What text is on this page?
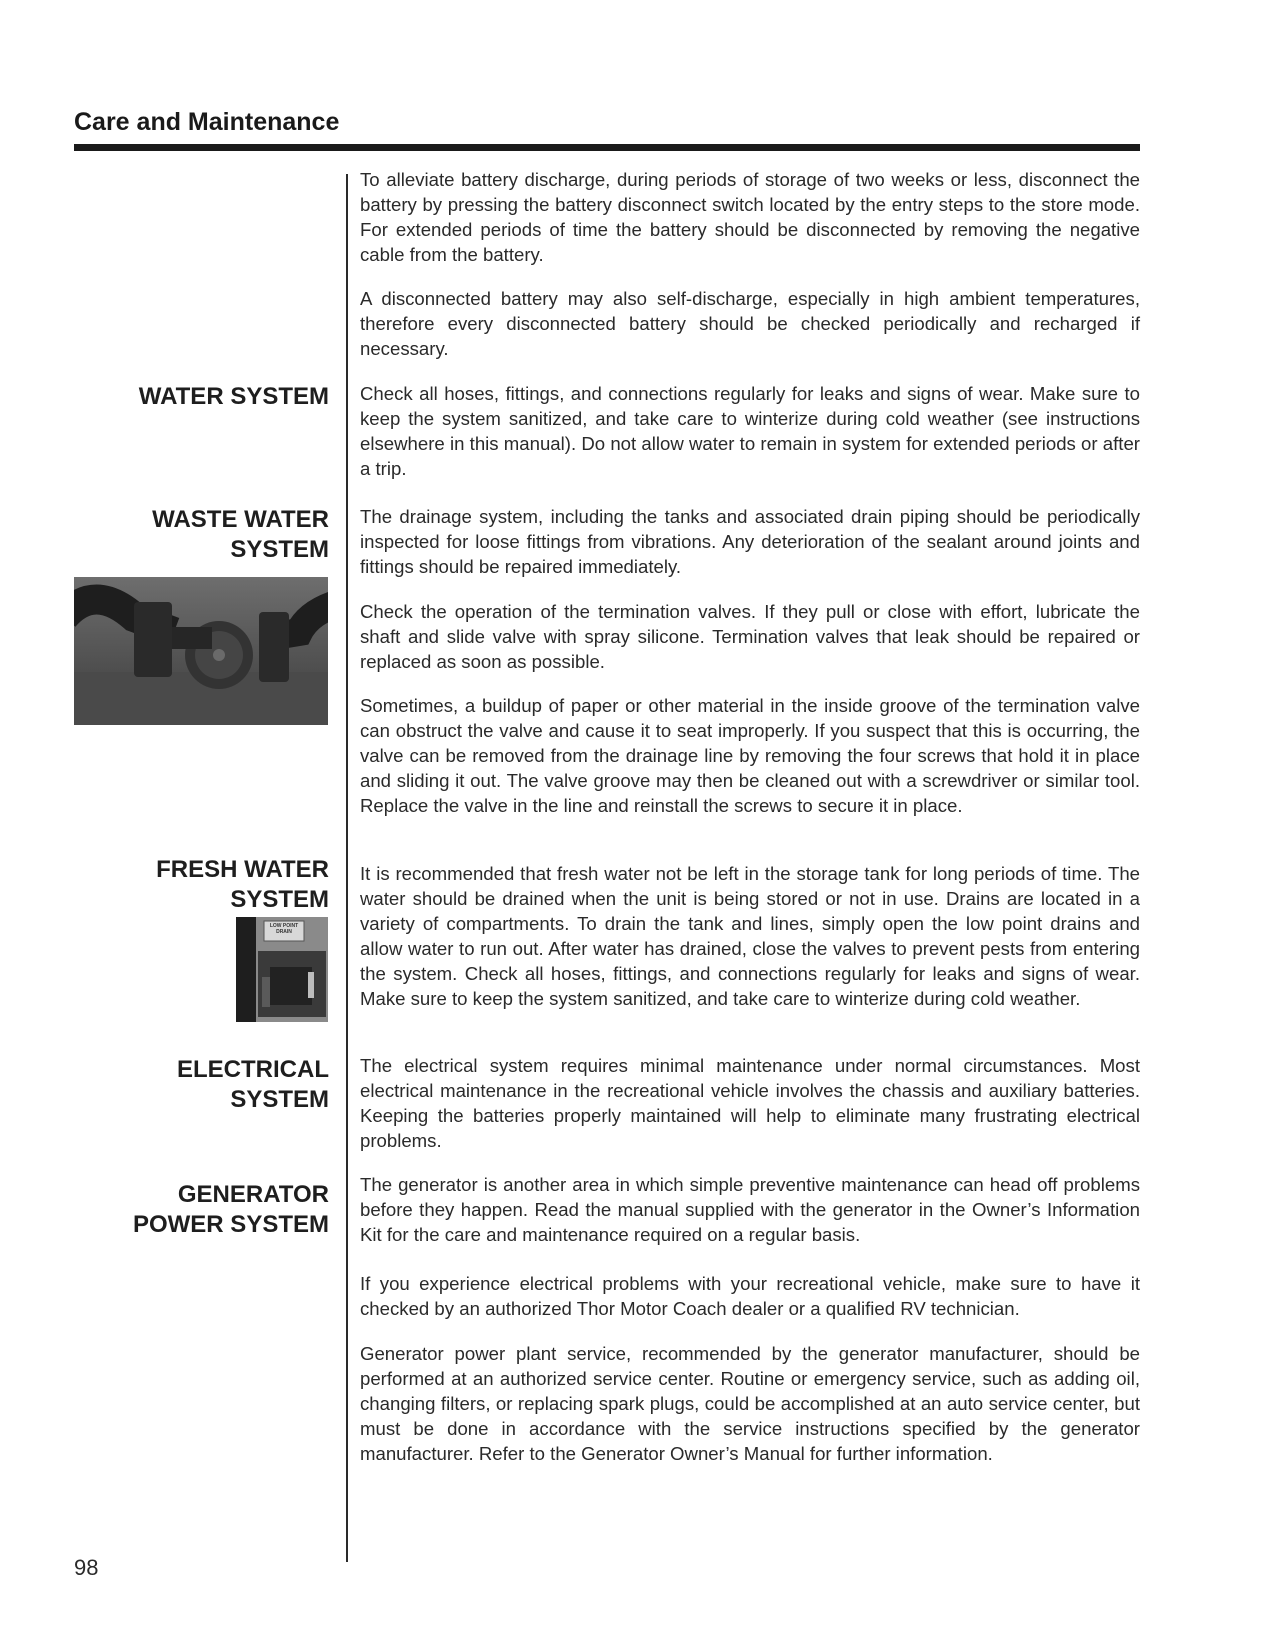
Care and Maintenance
WATER SYSTEM
WASTE WATER
SYSTEM
FRESH WATER
SYSTEM
ELECTRICAL
SYSTEM
GENERATOR
POWER SYSTEM
LOW POINT DRAIN

To alleviate battery discharge, during periods of storage of two weeks or less, disconnect the battery by pressing the battery disconnect switch located by the entry steps to the store mode. For extended periods of time the battery should be disconnected by removing the negative cable from the battery.

A disconnected battery may also self-discharge, especially in high ambient temperatures, therefore every disconnected battery should be checked periodically and recharged if necessary.

Check all hoses, fittings, and connections regularly for leaks and signs of wear. Make sure to keep the system sanitized, and take care to winterize during cold weather (see instructions elsewhere in this manual). Do not allow water to remain in system for extended periods or after a trip.

The drainage system, including the tanks and associated drain piping should be periodically inspected for loose fittings from vibrations. Any deterioration of the sealant around joints and fittings should be repaired immediately.

Check the operation of the termination valves. If they pull or close with effort, lubricate the shaft and slide valve with spray silicone. Termination valves that leak should be repaired or replaced as soon as possible.

Sometimes, a buildup of paper or other material in the inside groove of the termination valve can obstruct the valve and cause it to seat improperly. If you suspect that this is occurring, the valve can be removed from the drainage line by removing the four screws that hold it in place and sliding it out. The valve groove may then be cleaned out with a screwdriver or similar tool. Replace the valve in the line and reinstall the screws to secure it in place.

It is recommended that fresh water not be left in the storage tank for long periods of time. The water should be drained when the unit is being stored or not in use. Drains are located in a variety of compartments. To drain the tank and lines, simply open the low point drains and allow water to run out. After water has drained, close the valves to prevent pests from entering the system. Check all hoses, fittings, and connections regularly for leaks and signs of wear. Make sure to keep the system sanitized, and take care to winterize during cold weather.

The electrical system requires minimal maintenance under normal circumstances. Most electrical maintenance in the recreational vehicle involves the chassis and auxiliary batteries. Keeping the batteries properly maintained will help to eliminate many frustrating electrical problems.

The generator is another area in which simple preventive maintenance can head off problems before they happen. Read the manual supplied with the generator in the Owner’s Information Kit for the care and maintenance required on a regular basis.

If you experience electrical problems with your recreational vehicle, make sure to have it checked by an authorized Thor Motor Coach dealer or a qualified RV technician.

Generator power plant service, recommended by the generator manufacturer, should be performed at an authorized service center. Routine or emergency service, such as adding oil, changing filters, or replacing spark plugs, could be accomplished at an auto service center, but must be done in accordance with the service instructions specified by the generator manufacturer. Refer to the Generator Owner’s Manual for further information.

98
